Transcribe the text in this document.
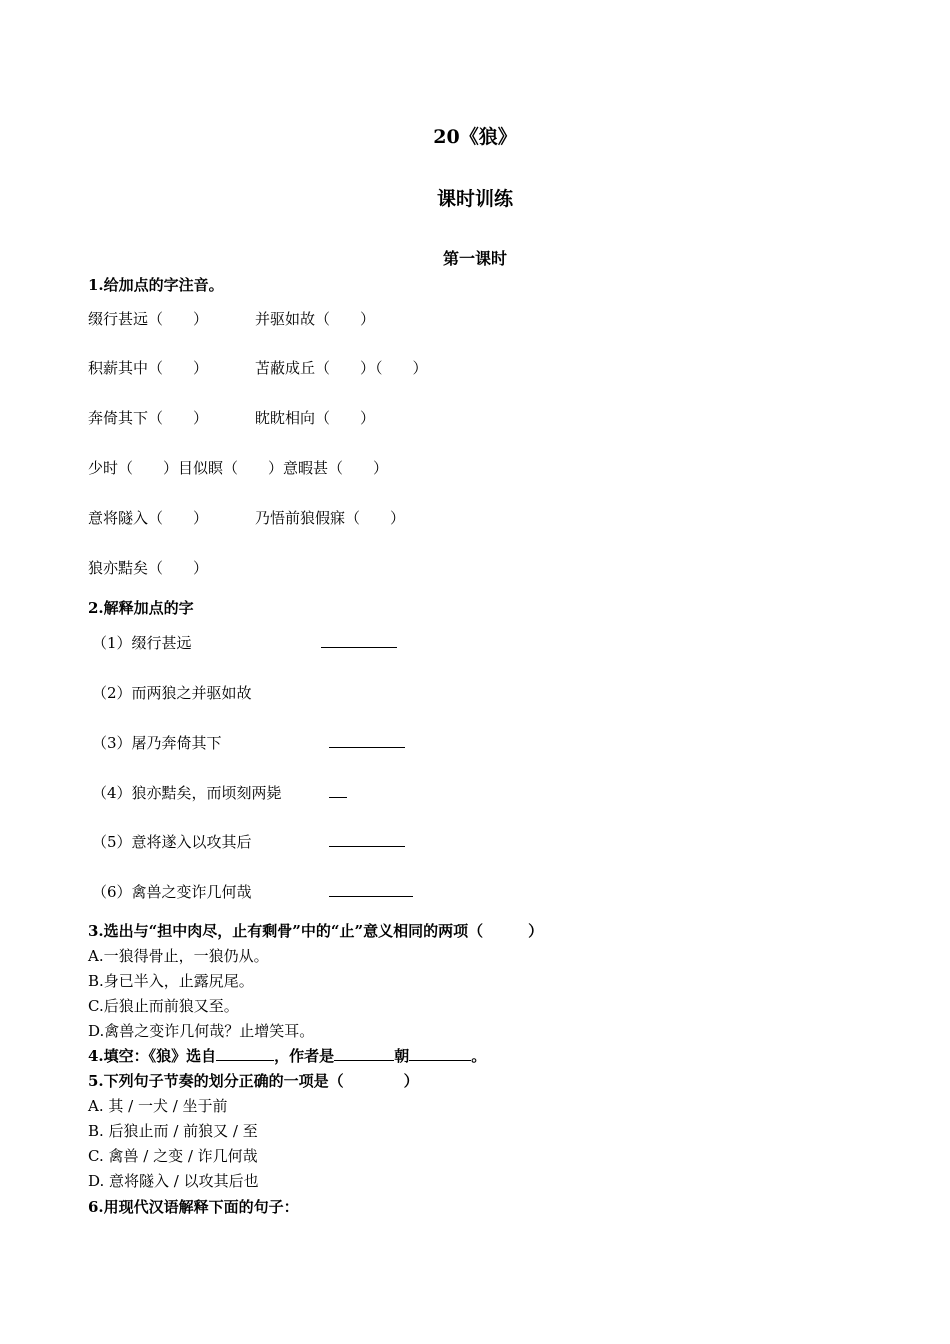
20《狼》
课时训练
第一课时
1.给加点的字注音。
缀行甚远（　　）	并驱如故（　　）
积薪其中（　　）	苫蔽成丘（　　）（　　）
奔倚其下（　　）	眈眈相向（　　）
少时（　　）目似瞑（　　）意暇甚（　　）
意将隧入（　　）	乃悟前狼假寐（　　）
狼亦黠矣（　　）
2.解释加点的字
（1）缀行甚远
（2）而两狼之并驱如故
（3）屠乃奔倚其下
（4）狼亦黠矣，而顷刻两毙
（5）意将遂入以攻其后
（6）禽兽之变诈几何哉
3.选出与“担中肉尽，止有剩骨”中的“止”意义相同的两项（　　　）
A.一狼得骨止，一狼仍从。
B.身已半入，止露尻尾。
C.后狼止而前狼又至。
D.禽兽之变诈几何哉？止增笑耳。
4.填空：《狼》选自	，作者是	朝	。
5.下列句子节奏的划分正确的一项是（　　　　）
A. 其 / 一犬 / 坐于前
B. 后狼止而 / 前狼又 / 至
C. 禽兽 / 之变 / 诈几何哉
D. 意将隧入 / 以攻其后也
6.用现代汉语解释下面的句子：
